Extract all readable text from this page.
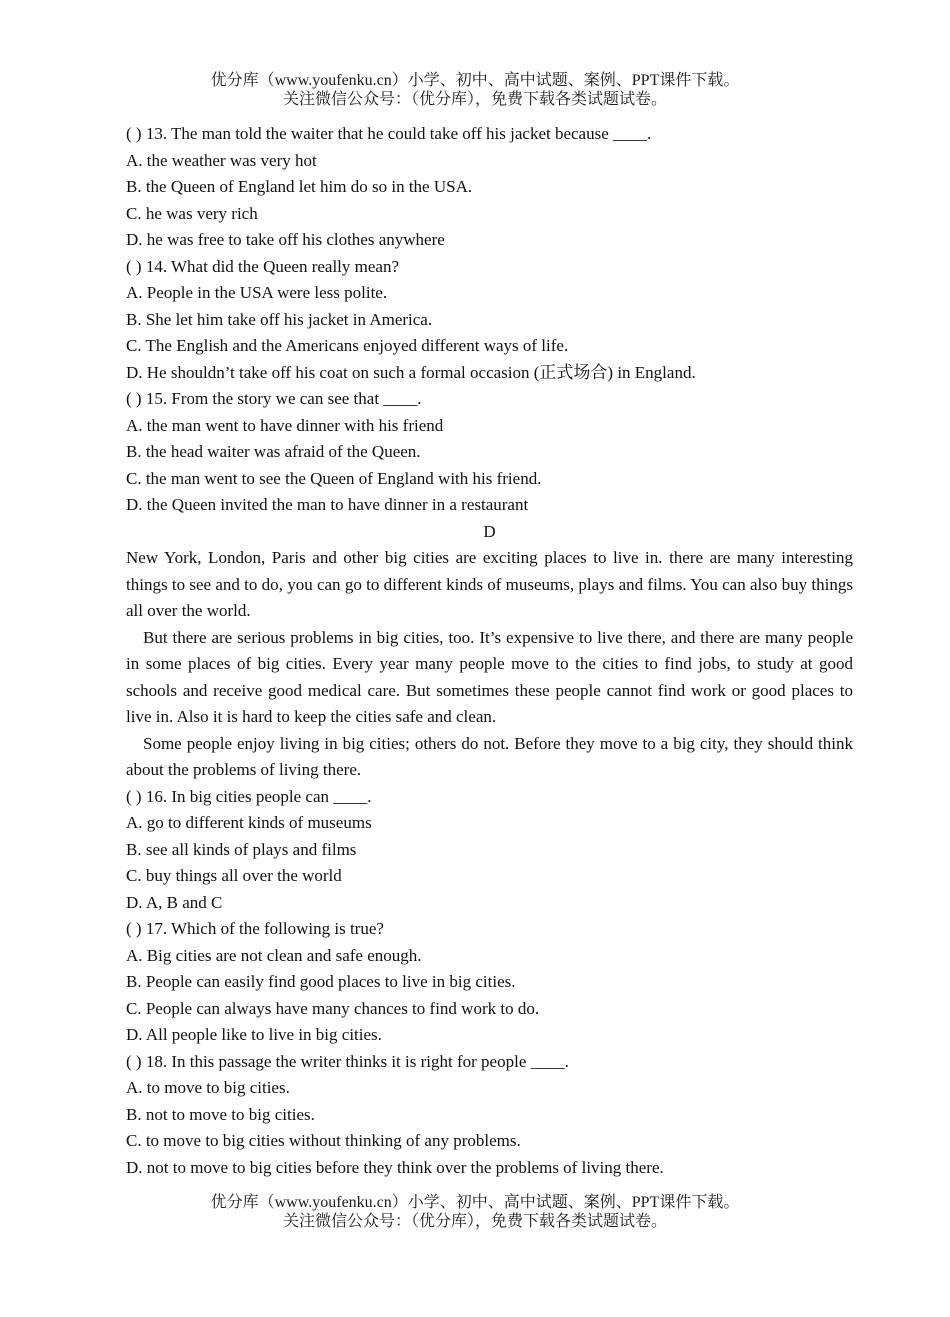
优分库（www.youfenku.cn）小学、初中、高中试题、案例、PPT课件下载。
关注微信公众号：（优分库），免费下载各类试题试卷。
( ) 13. The man told the waiter that he could take off his jacket because ____.
A. the weather was very hot
B. the Queen of England let him do so in the USA.
C. he was very rich
D. he was free to take off his clothes anywhere
( ) 14. What did the Queen really mean?
A. People in the USA were less polite.
B. She let him take off his jacket in America.
C. The English and the Americans enjoyed different ways of life.
D. He shouldn’t take off his coat on such a formal occasion (正式场合) in England.
( ) 15. From the story we can see that ____.
A. the man went to have dinner with his friend
B. the head waiter was afraid of the Queen.
C. the man went to see the Queen of England with his friend.
D. the Queen invited the man to have dinner in a restaurant
D
New York, London, Paris and other big cities are exciting places to live in. there are many interesting things to see and to do, you can go to different kinds of museums, plays and films. You can also buy things all over the world.
But there are serious problems in big cities, too. It’s expensive to live there, and there are many people in some places of big cities. Every year many people move to the cities to find jobs, to study at good schools and receive good medical care. But sometimes these people cannot find work or good places to live in. Also it is hard to keep the cities safe and clean.
Some people enjoy living in big cities; others do not. Before they move to a big city, they should think about the problems of living there.
( ) 16. In big cities people can ____.
A. go to different kinds of museums
B. see all kinds of plays and films
C. buy things all over the world
D. A, B and C
( ) 17. Which of the following is true?
A. Big cities are not clean and safe enough.
B. People can easily find good places to live in big cities.
C. People can always have many chances to find work to do.
D. All people like to live in big cities.
( ) 18. In this passage the writer thinks it is right for people ____.
A. to move to big cities.
B. not to move to big cities.
C. to move to big cities without thinking of any problems.
D. not to move to big cities before they think over the problems of living there.
优分库（www.youfenku.cn）小学、初中、高中试题、案例、PPT课件下载。
关注微信公众号：（优分库），免费下载各类试题试卷。
